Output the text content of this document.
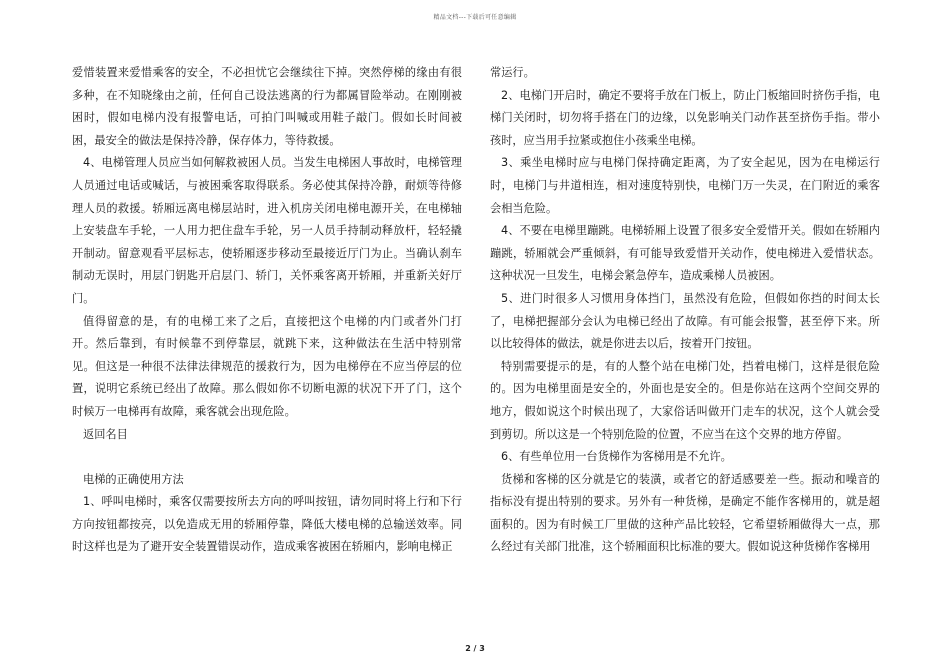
精品文档---下载后可任意编辑

爱惜装置来爱惜乘客的安全，不必担忧它会继续往下掉。突然停梯的缘由有很多种，在不知晓缘由之前，任何自己设法逃离的行为都属冒险举动。在刚刚被困时，假如电梯内没有报警电话，可拍门叫喊或用鞋子敲门。假如长时间被困，最安全的做法是保持冷静，保存体力，等待救援。

4、电梯管理人员应当如何解救被困人员。当发生电梯困人事故时，电梯管理人员通过电话或喊话，与被困乘客取得联系。务必使其保持冷静，耐烦等待修理人员的救援。轿厢远离电梯层站时，进入机房关闭电梯电源开关，在电梯轴上安装盘车手轮，一人用力把住盘车手轮，另一人员手持制动释放杆，轻轻撬开制动。留意观看平层标志，使轿厢逐步移动至最接近厅门为止。当确认刹车制动无误时，用层门钥匙开启层门、轿门，关怀乘客离开轿厢，并重新关好厅门。

值得留意的是，有的电梯工来了之后，直接把这个电梯的内门或者外门打开。然后靠到，有时候靠不到停靠层，就跳下来，这种做法在生活中特别常见。但这是一种很不法律法律规范的援救行为，因为电梯停在不应当停层的位置，说明它系统已经出了故障。那么假如你不切断电源的状况下开了门，这个时候万一电梯再有故障，乘客就会出现危险。

返回名目

电梯的正确使用方法

1、呼叫电梯时，乘客仅需要按所去方向的呼叫按钮，请勿同时将上行和下行方向按钮都按亮，以免造成无用的轿厢停靠，降低大楼电梯的总输送效率。同时这样也是为了避开安全装置错误动作，造成乘客被困在轿厢内，影响电梯正

常运行。

2、电梯门开启时，确定不要将手放在门板上，防止门板缩回时挤伤手指，电梯门关闭时，切勿将手搭在门的边缘，以免影响关门动作甚至挤伤手指。带小孩时，应当用手拉紧或抱住小孩乘坐电梯。

3、乘坐电梯时应与电梯门保持确定距离，为了安全起见，因为在电梯运行时，电梯门与井道相连，相对速度特别快，电梯门万一失灵，在门附近的乘客会相当危险。

4、不要在电梯里蹦跳。电梯轿厢上设置了很多安全爱惜开关。假如在轿厢内蹦跳，轿厢就会严重倾斜，有可能导致爱惜开关动作，使电梯进入爱惜状态。这种状况一旦发生，电梯会紧急停车，造成乘梯人员被困。

5、进门时很多人习惯用身体挡门，虽然没有危险，但假如你挡的时间太长了，电梯把握部分会认为电梯已经出了故障。有可能会报警，甚至停下来。所以比较得体的做法，就是你进去以后，按着开门按钮。

特别需要提示的是，有的人整个站在电梯门处，挡着电梯门，这样是很危险的。因为电梯里面是安全的，外面也是安全的。但是你站在这两个空间交界的地方，假如说这个时候出现了，大家俗话叫做开门走车的状况，这个人就会受到剪切。所以这是一个特别危险的位置，不应当在这个交界的地方停留。

6、有些单位用一台货梯作为客梯用是不允许。

货梯和客梯的区分就是它的装潢，或者它的舒适感要差一些。振动和噪音的指标没有提出特别的要求。另外有一种货梯，是确定不能作客梯用的，就是超面积的。因为有时候工厂里做的这种产品比较轻，它希望轿厢做得大一点，那么经过有关部门批准，这个轿厢面积比标准的要大。假如说这种货梯作客梯用

2 / 3
